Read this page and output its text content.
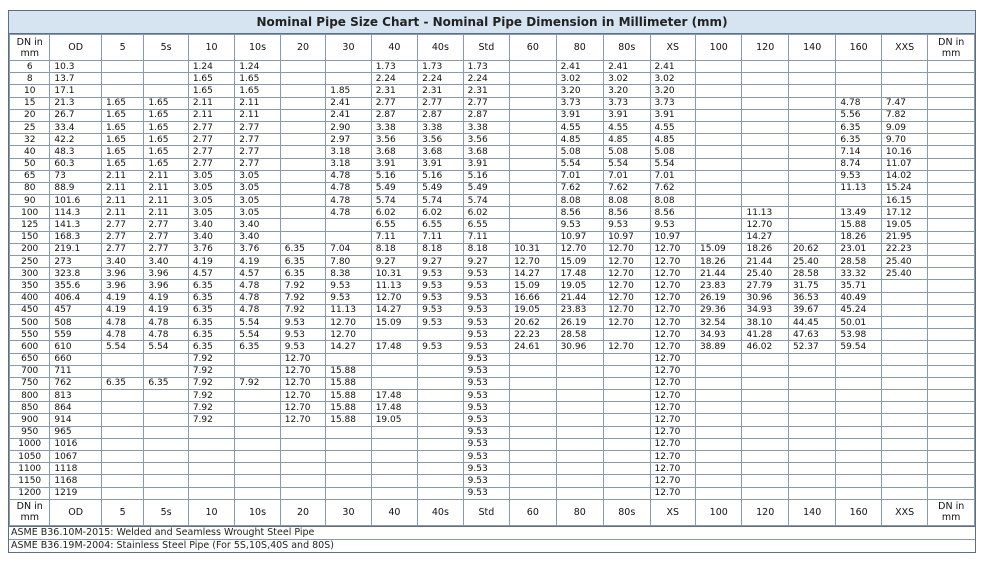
Nominal Pipe Size Chart - Nominal Pipe Dimension in Millimeter (mm)
DN in mm	OD	5	5s	10	10s	20	30	40	40s	Std	60	80	80s	XS	100	120	140	160	XXS	DN in mm
6	10.3			1.24	1.24			1.73	1.73	1.73		2.41	2.41	2.41						
8	13.7			1.65	1.65			2.24	2.24	2.24		3.02	3.02	3.02						
10	17.1			1.65	1.65		1.85	2.31	2.31	2.31		3.20	3.20	3.20						
15	21.3	1.65	1.65	2.11	2.11		2.41	2.77	2.77	2.77		3.73	3.73	3.73				4.78	7.47	
20	26.7	1.65	1.65	2.11	2.11		2.41	2.87	2.87	2.87		3.91	3.91	3.91				5.56	7.82	
25	33.4	1.65	1.65	2.77	2.77		2.90	3.38	3.38	3.38		4.55	4.55	4.55				6.35	9.09	
32	42.2	1.65	1.65	2.77	2.77		2.97	3.56	3.56	3.56		4.85	4.85	4.85				6.35	9.70	
40	48.3	1.65	1.65	2.77	2.77		3.18	3.68	3.68	3.68		5.08	5.08	5.08				7.14	10.16	
50	60.3	1.65	1.65	2.77	2.77		3.18	3.91	3.91	3.91		5.54	5.54	5.54				8.74	11.07	
65	73	2.11	2.11	3.05	3.05		4.78	5.16	5.16	5.16		7.01	7.01	7.01				9.53	14.02	
80	88.9	2.11	2.11	3.05	3.05		4.78	5.49	5.49	5.49		7.62	7.62	7.62				11.13	15.24	
90	101.6	2.11	2.11	3.05	3.05		4.78	5.74	5.74	5.74		8.08	8.08	8.08					16.15	
100	114.3	2.11	2.11	3.05	3.05		4.78	6.02	6.02	6.02		8.56	8.56	8.56		11.13		13.49	17.12	
125	141.3	2.77	2.77	3.40	3.40			6.55	6.55	6.55		9.53	9.53	9.53		12.70		15.88	19.05	
150	168.3	2.77	2.77	3.40	3.40			7.11	7.11	7.11		10.97	10.97	10.97		14.27		18.26	21.95	
200	219.1	2.77	2.77	3.76	3.76	6.35	7.04	8.18	8.18	8.18	10.31	12.70	12.70	12.70	15.09	18.26	20.62	23.01	22.23	
250	273	3.40	3.40	4.19	4.19	6.35	7.80	9.27	9.27	9.27	12.70	15.09	12.70	12.70	18.26	21.44	25.40	28.58	25.40	
300	323.8	3.96	3.96	4.57	4.57	6.35	8.38	10.31	9.53	9.53	14.27	17.48	12.70	12.70	21.44	25.40	28.58	33.32	25.40	
350	355.6	3.96	3.96	6.35	4.78	7.92	9.53	11.13	9.53	9.53	15.09	19.05	12.70	12.70	23.83	27.79	31.75	35.71		
400	406.4	4.19	4.19	6.35	4.78	7.92	9.53	12.70	9.53	9.53	16.66	21.44	12.70	12.70	26.19	30.96	36.53	40.49		
450	457	4.19	4.19	6.35	4.78	7.92	11.13	14.27	9.53	9.53	19.05	23.83	12.70	12.70	29.36	34.93	39.67	45.24		
500	508	4.78	4.78	6.35	5.54	9.53	12.70	15.09	9.53	9.53	20.62	26.19	12.70	12.70	32.54	38.10	44.45	50.01		
550	559	4.78	4.78	6.35	5.54	9.53	12.70			9.53	22.23	28.58		12.70	34.93	41.28	47.63	53.98		
600	610	5.54	5.54	6.35	6.35	9.53	14.27	17.48	9.53	9.53	24.61	30.96	12.70	12.70	38.89	46.02	52.37	59.54		
650	660			7.92		12.70				9.53				12.70						
700	711			7.92		12.70	15.88			9.53				12.70						
750	762	6.35	6.35	7.92	7.92	12.70	15.88			9.53				12.70						
800	813			7.92		12.70	15.88	17.48		9.53				12.70						
850	864			7.92		12.70	15.88	17.48		9.53				12.70						
900	914			7.92		12.70	15.88	19.05		9.53				12.70						
950	965									9.53				12.70						
1000	1016									9.53				12.70						
1050	1067									9.53				12.70						
1100	1118									9.53				12.70						
1150	1168									9.53				12.70						
1200	1219									9.53				12.70						
DN in mm	OD	5	5s	10	10s	20	30	40	40s	Std	60	80	80s	XS	100	120	140	160	XXS	DN in mm
ASME B36.10M-2015: Welded and Seamless Wrought Steel Pipe
ASME B36.19M-2004: Stainless Steel Pipe (For 5S,10S,40S and 80S)
